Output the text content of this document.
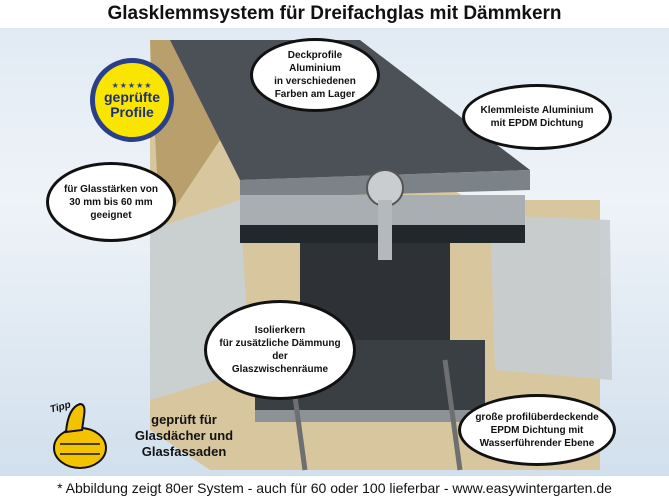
Glasklemmsystem für Dreifachglas mit Dämmkern
★★★★★
geprüfte
Profile
Deckprofile Aluminium
in verschiedenen
Farben am Lager
Klemmleiste Aluminium
mit EPDM Dichtung
für Glasstärken von
30 mm bis 60 mm
geeignet
Isolierkern
für zusätzliche Dämmung
der
Glaszwischenräume
große profilüberdeckende
EPDM Dichtung mit
Wasserführender Ebene
Tipp
geprüft für
Glasdächer und
Glasfassaden
* Abbildung zeigt 80er System - auch für 60 oder 100 lieferbar - www.easywintergarten.de
